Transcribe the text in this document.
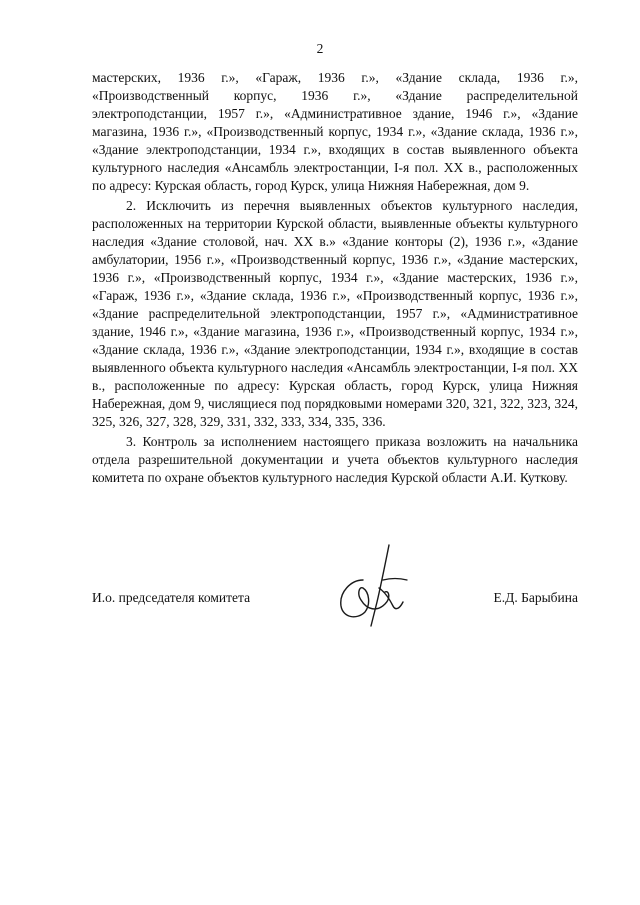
2

мастерских, 1936 г.», «Гараж, 1936 г.», «Здание склада, 1936 г.», «Производственный корпус, 1936 г.», «Здание распределительной электроподстанции, 1957 г.», «Административное здание, 1946 г.», «Здание магазина, 1936 г.», «Производственный корпус, 1934 г.», «Здание склада, 1936 г.», «Здание электроподстанции, 1934 г.», входящих в состав выявленного объекта культурного наследия «Ансамбль электростанции, I-я пол. XX в., расположенных по адресу: Курская область, город Курск, улица Нижняя Набережная, дом 9.

2. Исключить из перечня выявленных объектов культурного наследия, расположенных на территории Курской области, выявленные объекты культурного наследия «Здание столовой, нач. XX в.» «Здание конторы (2), 1936 г.», «Здание амбулатории, 1956 г.», «Производственный корпус, 1936 г.», «Здание мастерских, 1936 г.», «Производственный корпус, 1934 г.», «Здание мастерских, 1936 г.», «Гараж, 1936 г.», «Здание склада, 1936 г.», «Производственный корпус, 1936 г.», «Здание распределительной электроподстанции, 1957 г.», «Административное здание, 1946 г.», «Здание магазина, 1936 г.», «Производственный корпус, 1934 г.», «Здание склада, 1936 г.», «Здание электроподстанции, 1934 г.», входящие в состав выявленного объекта культурного наследия «Ансамбль электростанции, I-я пол. XX в., расположенные по адресу: Курская область, город Курск, улица Нижняя Набережная, дом 9, числящиеся под порядковыми номерами 320, 321, 322, 323, 324, 325, 326, 327, 328, 329, 331, 332, 333, 334, 335, 336.

3. Контроль за исполнением настоящего приказа возложить на начальника отдела разрешительной документации и учета объектов культурного наследия комитета по охране объектов культурного наследия Курской области А.И. Куткову.

И.о. председателя комитета	Е.Д. Барыбина
